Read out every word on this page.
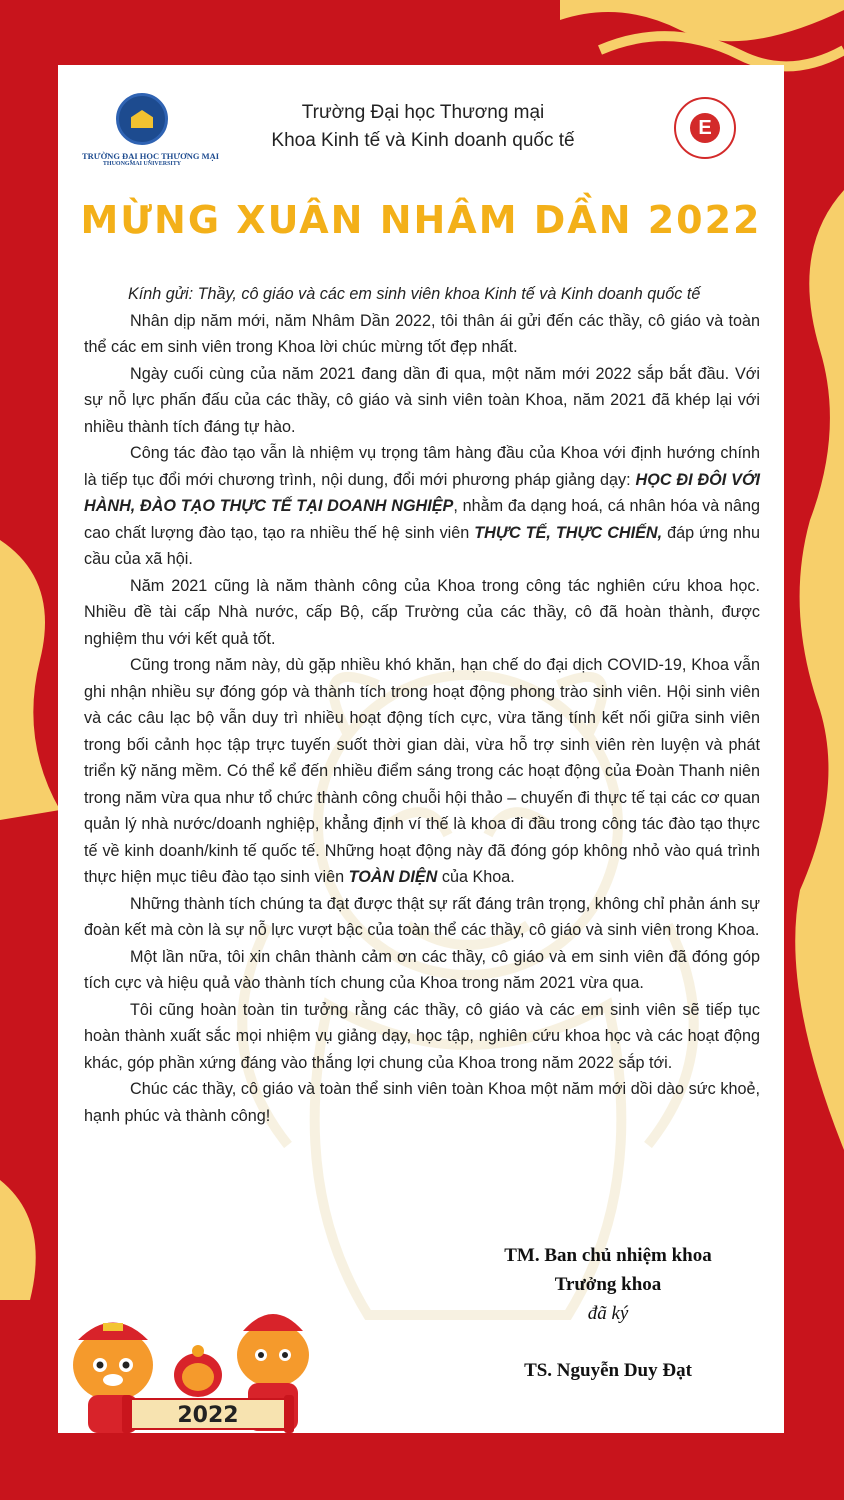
TRƯỜNG ĐẠI HỌC THƯƠNG MẠI
THUONGMAI UNIVERSITY
Trường Đại học Thương mại
Khoa Kinh tế và Kinh doanh quốc tế
E
MỪNG XUÂN NHÂM DẦN 2022

Kính gửi: Thầy, cô giáo và các em sinh viên khoa Kinh tế và Kinh doanh quốc tế

Nhân dịp năm mới, năm Nhâm Dần 2022, tôi thân ái gửi đến các thầy, cô giáo và toàn thể các em sinh viên trong Khoa lời chúc mừng tốt đẹp nhất.

Ngày cuối cùng của năm 2021 đang dần đi qua, một năm mới 2022 sắp bắt đầu. Với sự nỗ lực phấn đấu của các thầy, cô giáo và sinh viên toàn Khoa, năm 2021 đã khép lại với nhiều thành tích đáng tự hào.

Công tác đào tạo vẫn là nhiệm vụ trọng tâm hàng đầu của Khoa với định hướng chính là tiếp tục đổi mới chương trình, nội dung, đổi mới phương pháp giảng dạy: HỌC ĐI ĐÔI VỚI HÀNH, ĐÀO TẠO THỰC TẾ TẠI DOANH NGHIỆP, nhằm đa dạng hoá, cá nhân hóa và nâng cao chất lượng đào tạo, tạo ra nhiều thế hệ sinh viên THỰC TẾ, THỰC CHIẾN, đáp ứng nhu cầu của xã hội.

Năm 2021 cũng là năm thành công của Khoa trong công tác nghiên cứu khoa học. Nhiều đề tài cấp Nhà nước, cấp Bộ, cấp Trường của các thầy, cô đã hoàn thành, được nghiệm thu với kết quả tốt.

Cũng trong năm này, dù gặp nhiều khó khăn, hạn chế do đại dịch COVID-19, Khoa vẫn ghi nhận nhiều sự đóng góp và thành tích trong hoạt động phong trào sinh viên. Hội sinh viên và các câu lạc bộ vẫn duy trì nhiều hoạt động tích cực, vừa tăng tính kết nối giữa sinh viên trong bối cảnh học tập trực tuyến suốt thời gian dài, vừa hỗ trợ sinh viên rèn luyện và phát triển kỹ năng mềm. Có thể kể đến nhiều điểm sáng trong các hoạt động của Đoàn Thanh niên trong năm vừa qua như tổ chức thành công chuỗi hội thảo – chuyến đi thực tế tại các cơ quan quản lý nhà nước/doanh nghiệp, khẳng định ví thế là khoa đi đầu trong công tác đào tạo thực tế về kinh doanh/kinh tế quốc tế. Những hoạt động này đã đóng góp không nhỏ vào quá trình thực hiện mục tiêu đào tạo sinh viên TOÀN DIỆN của Khoa.

Những thành tích chúng ta đạt được thật sự rất đáng trân trọng, không chỉ phản ánh sự đoàn kết mà còn là sự nỗ lực vượt bậc của toàn thể các thầy, cô giáo và sinh viên trong Khoa.

Một lần nữa, tôi xin chân thành cảm ơn các thầy, cô giáo và em sinh viên đã đóng góp tích cực và hiệu quả vào thành tích chung của Khoa trong năm 2021 vừa qua.

Tôi cũng hoàn toàn tin tưởng rằng các thầy, cô giáo và các em sinh viên sẽ tiếp tục hoàn thành xuất sắc mọi nhiệm vụ giảng dạy, học tập, nghiên cứu khoa học và các hoạt động khác, góp phần xứng đáng vào thắng lợi chung của Khoa trong năm 2022 sắp tới.

Chúc các thầy, cô giáo và toàn thể sinh viên toàn Khoa một năm mới dồi dào sức khoẻ, hạnh phúc và thành công!

TM. Ban chủ nhiệm khoa
Trưởng khoa
đã ký
TS. Nguyễn Duy Đạt
2022
